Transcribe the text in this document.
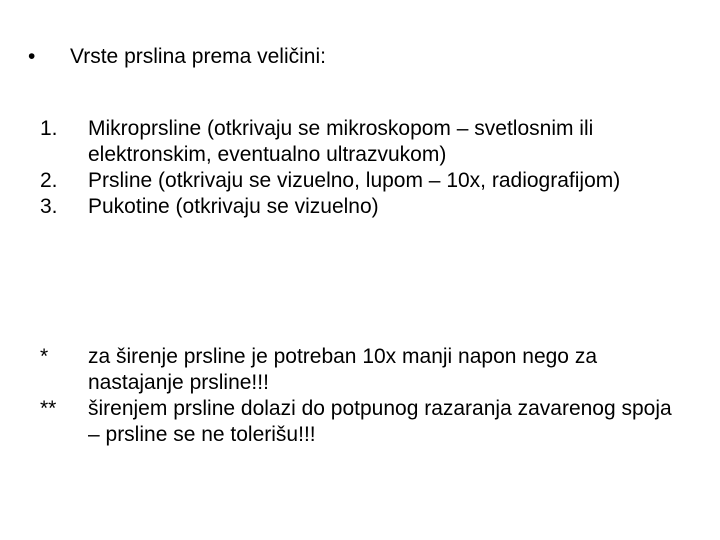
• Vrste prslina prema veličini:
1. Mikroprsline (otkrivaju se mikroskopom – svetlosnim ili elektronskim, eventualno ultrazvukom)
2. Prsline (otkrivaju se vizuelno, lupom – 10x, radiografijom)
3. Pukotine (otkrivaju se vizuelno)
* za širenje prsline je potreban 10x manji napon nego za nastajanje prsline!!!
** širenjem prsline dolazi do potpunog razaranja zavarenog spoja – prsline se ne tolerišu!!!
